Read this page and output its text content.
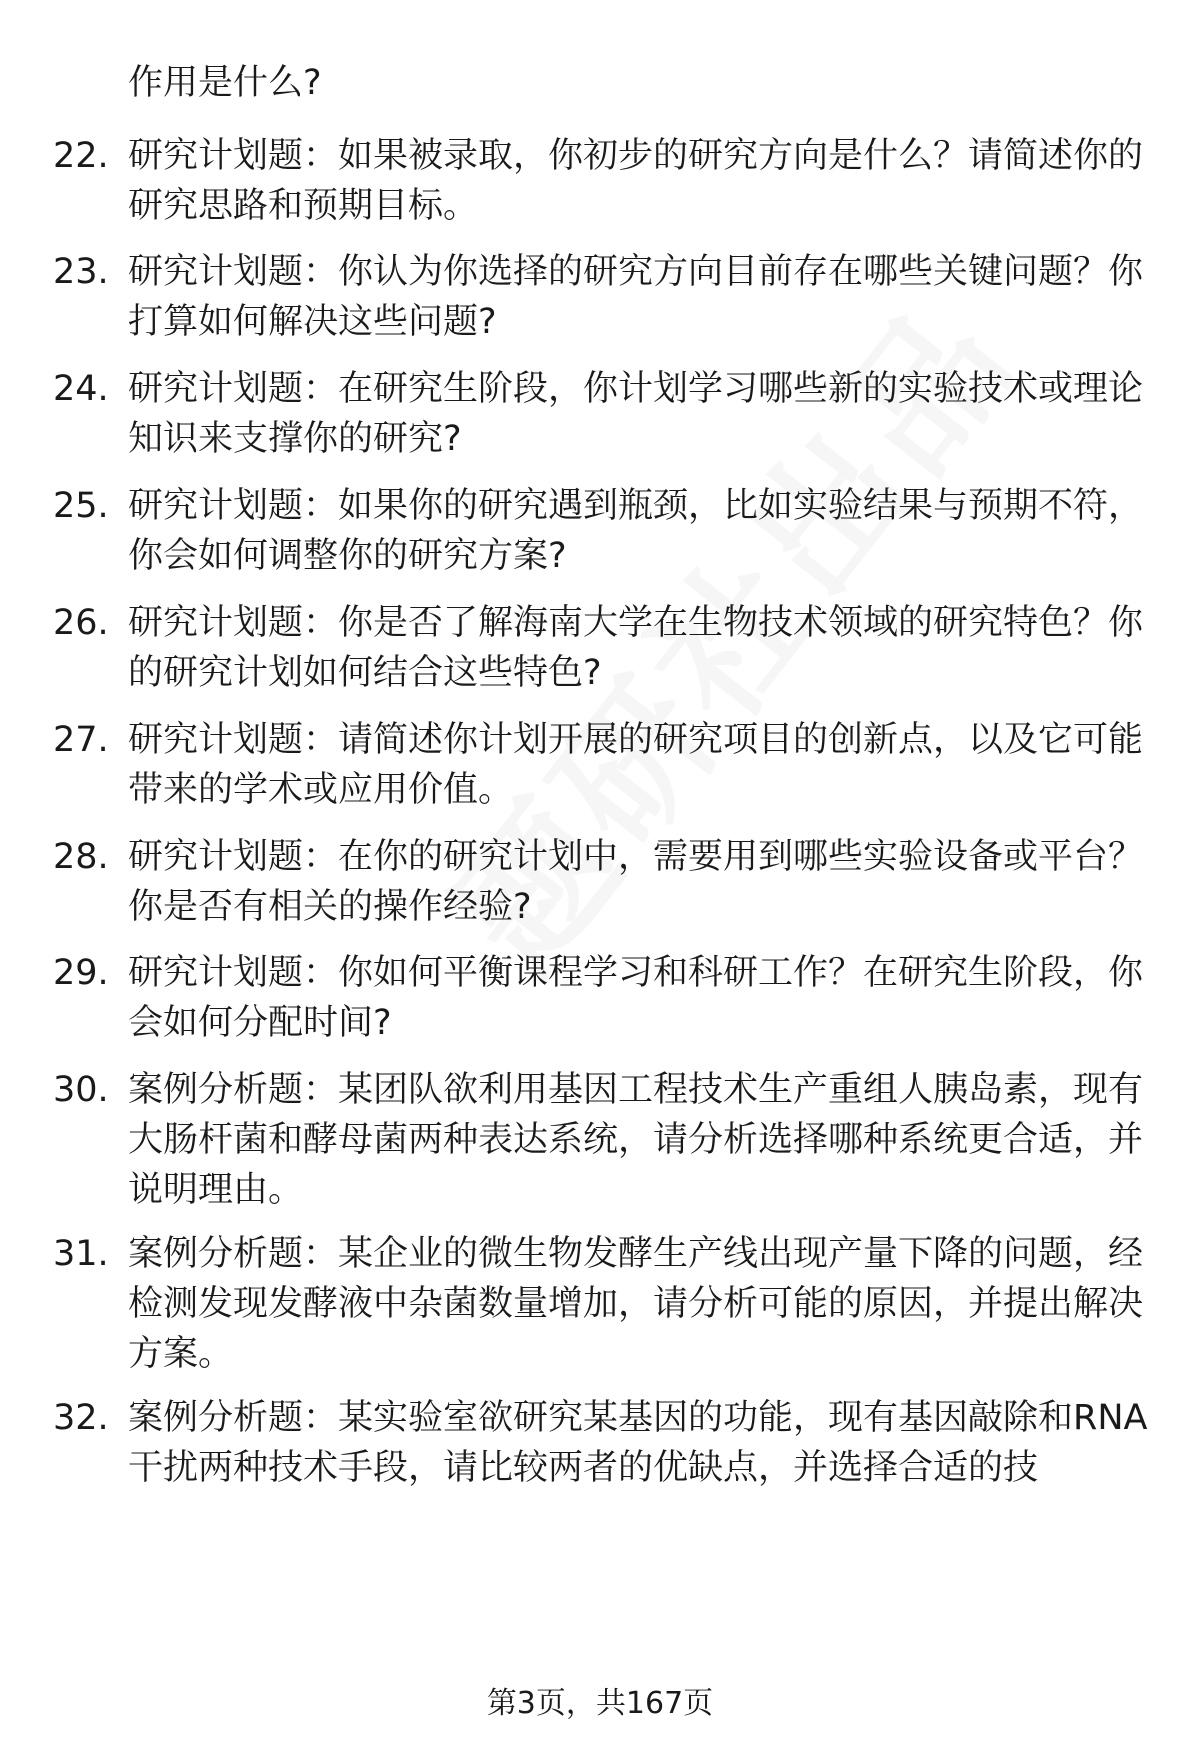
作用是什么?
22. 研究计划题：如果被录取，你初步的研究方向是什么？请简述你的研究思路和预期目标。
23. 研究计划题：你认为你选择的研究方向目前存在哪些关键问题？你打算如何解决这些问题?
24. 研究计划题：在研究生阶段，你计划学习哪些新的实验技术或理论知识来支撑你的研究?
25. 研究计划题：如果你的研究遇到瓶颈，比如实验结果与预期不符，你会如何调整你的研究方案?
26. 研究计划题：你是否了解海南大学在生物技术领域的研究特色？你的研究计划如何结合这些特色?
27. 研究计划题：请简述你计划开展的研究项目的创新点，以及它可能带来的学术或应用价值。
28. 研究计划题：在你的研究计划中，需要用到哪些实验设备或平台？你是否有相关的操作经验?
29. 研究计划题：你如何平衡课程学习和科研工作？在研究生阶段，你会如何分配时间?
30. 案例分析题：某团队欲利用基因工程技术生产重组人胰岛素，现有大肠杆菌和酵母菌两种表达系统，请分析选择哪种系统更合适，并说明理由。
31. 案例分析题：某企业的微生物发酵生产线出现产量下降的问题，经检测发现发酵液中杂菌数量增加，请分析可能的原因，并提出解决方案。
32. 案例分析题：某实验室欲研究某基因的功能，现有基因敲除和RNA干扰两种技术手段，请比较两者的优缺点，并选择合适的技
第3页，共167页
